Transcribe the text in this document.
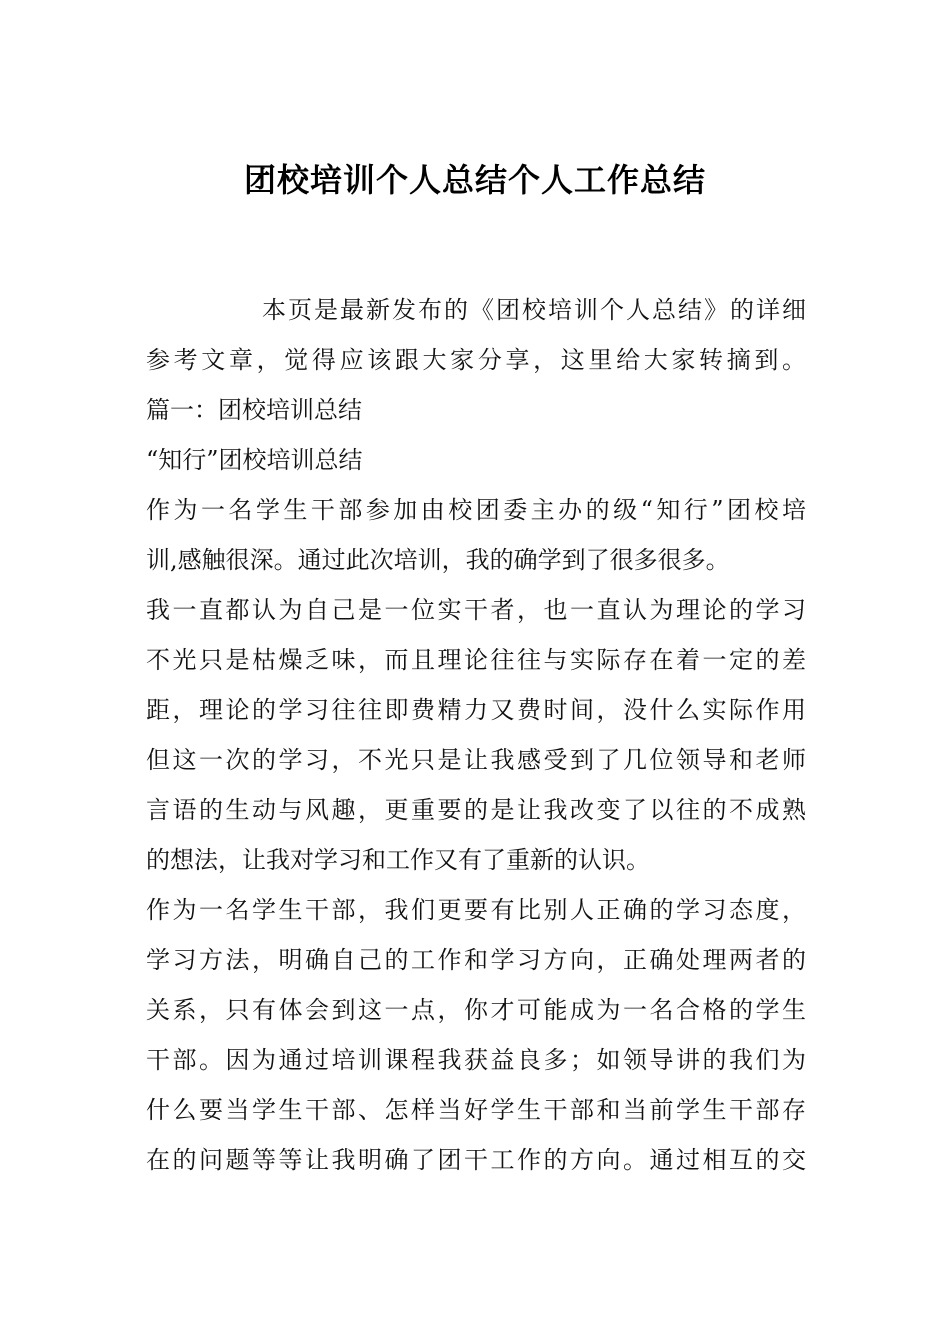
团校培训个人总结个人工作总结
本页是最新发布的《团校培训个人总结》的详细
参考文章，觉得应该跟大家分享，这里给大家转摘到。
篇一：团校培训总结
“知行”团校培训总结
作为一名学生干部参加由校团委主办的级“知行”团校培
训,感触很深。通过此次培训，我的确学到了很多很多。
我一直都认为自己是一位实干者，也一直认为理论的学习
不光只是枯燥乏味，而且理论往往与实际存在着一定的差
距，理论的学习往往即费精力又费时间，没什么实际作用
但这一次的学习，不光只是让我感受到了几位领导和老师
言语的生动与风趣，更重要的是让我改变了以往的不成熟
的想法，让我对学习和工作又有了重新的认识。
作为一名学生干部，我们更要有比别人正确的学习态度，
学习方法，明确自己的工作和学习方向，正确处理两者的
关系，只有体会到这一点，你才可能成为一名合格的学生
干部。因为通过培训课程我获益良多；如领导讲的我们为
什么要当学生干部、怎样当好学生干部和当前学生干部存
在的问题等等让我明确了团干工作的方向。通过相互的交
